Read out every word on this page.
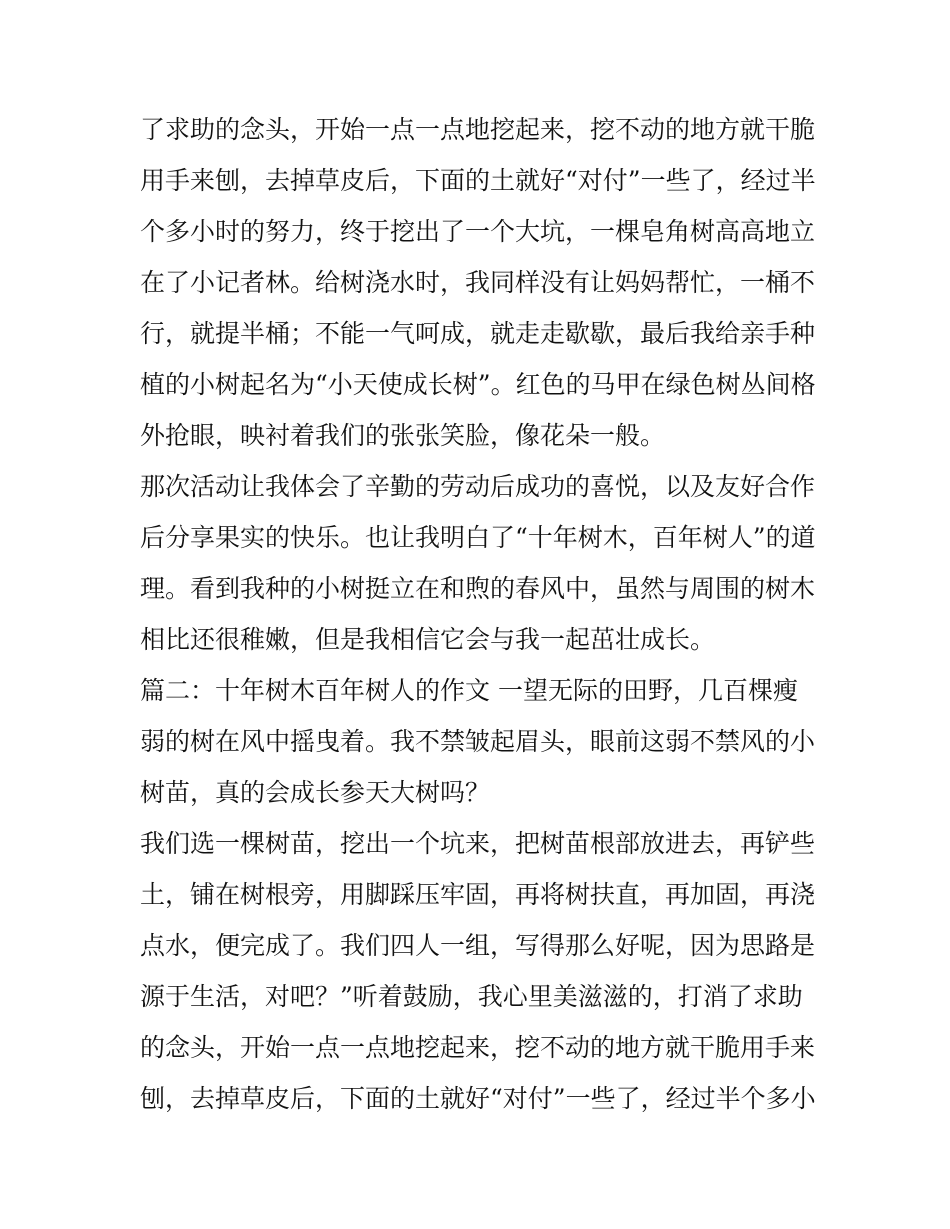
了求助的念头，开始一点一点地挖起来，挖不动的地方就干脆
用手来刨，去掉草皮后，下面的土就好“对付”一些了，经过半
个多小时的努力，终于挖出了一个大坑，一棵皂角树高高地立
在了小记者林。给树浇水时，我同样没有让妈妈帮忙，一桶不
行，就提半桶；不能一气呵成，就走走歇歇，最后我给亲手种
植的小树起名为“小天使成长树”。红色的马甲在绿色树丛间格
外抢眼，映衬着我们的张张笑脸，像花朵一般。
那次活动让我体会了辛勤的劳动后成功的喜悦，以及友好合作
后分享果实的快乐。也让我明白了“十年树木，百年树人”的道
理。看到我种的小树挺立在和煦的春风中，虽然与周围的树木
相比还很稚嫩，但是我相信它会与我一起茁壮成长。
篇二：十年树木百年树人的作文 一望无际的田野，几百棵瘦
弱的树在风中摇曳着。我不禁皱起眉头，眼前这弱不禁风的小
树苗，真的会成长参天大树吗？
我们选一棵树苗，挖出一个坑来，把树苗根部放进去，再铲些
土，铺在树根旁，用脚踩压牢固，再将树扶直，再加固，再浇
点水，便完成了。我们四人一组，写得那么好呢，因为思路是
源于生活，对吧？”听着鼓励，我心里美滋滋的，打消了求助
的念头，开始一点一点地挖起来，挖不动的地方就干脆用手来
刨，去掉草皮后，下面的土就好“对付”一些了，经过半个多小
